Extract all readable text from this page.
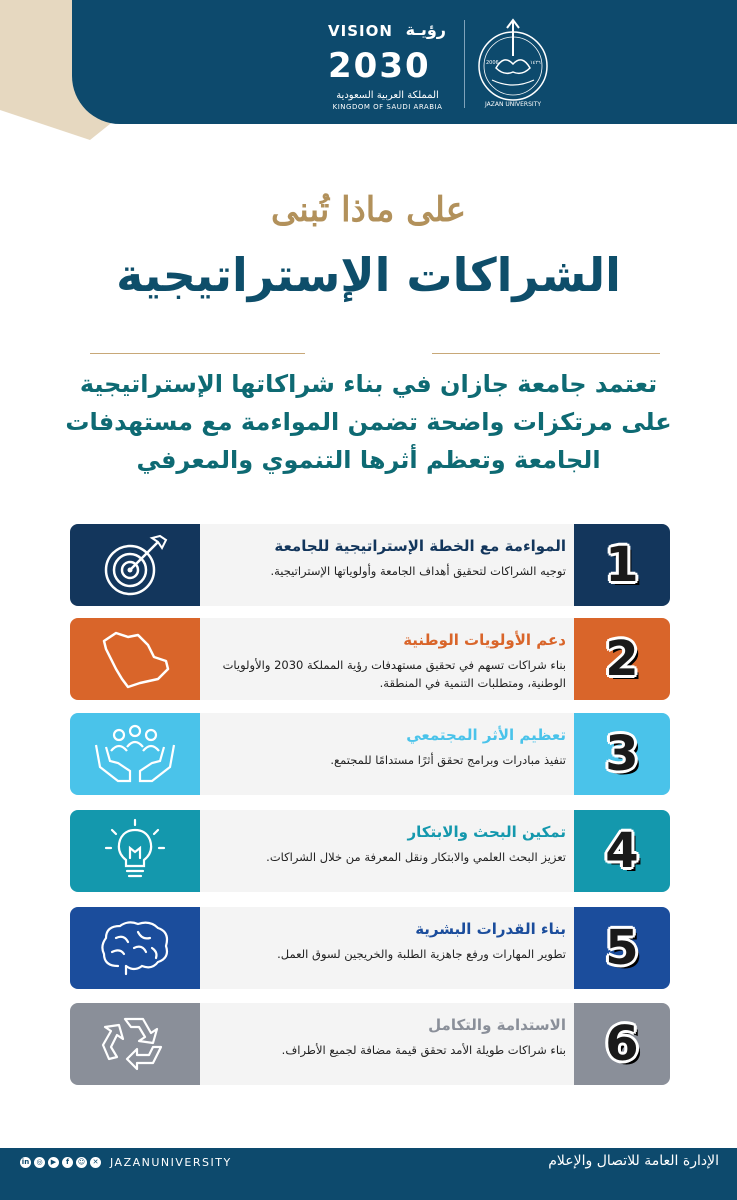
VISION رؤيـة
2030
المملكة العربية السعودية
KINGDOM OF SAUDI ARABIA
2006	١٤٢٦
JAZAN UNIVERSITY
على ماذا تُبنى
الشراكات الإستراتيجية
تعتمد جامعة جازان في بناء شراكاتها الإستراتيجية على مرتكزات واضحة تضمن المواءمة مع مستهدفات الجامعة وتعظم أثرها التنموي والمعرفي
المواءمة مع الخطة الإستراتيجية للجامعة
توجيه الشراكات لتحقيق أهداف الجامعة وأولوياتها الإستراتيجية. 1
دعم الأولويات الوطنية
بناء شراكات تسهم في تحقيق مستهدفات رؤية المملكة 2030 والأولويات الوطنية، ومتطلبات التنمية في المنطقة. 2
تعظيم الأثر المجتمعي
تنفيذ مبادرات وبرامج تحقق أثرًا مستدامًا للمجتمع. 3
تمكين البحث والابتكار
تعزيز البحث العلمي والابتكار ونقل المعرفة من خلال الشراكات. 4
بناء القدرات البشرية
تطوير المهارات ورفع جاهزية الطلبة والخريجين لسوق العمل. 5
الاستدامة والتكامل
بناء شراكات طويلة الأمد تحقق قيمة مضافة لجميع الأطراف. 6
in	◎	▶	f	☺	✕ JAZANUNIVERSITY	الإدارة العامة للاتصال والإعلام
